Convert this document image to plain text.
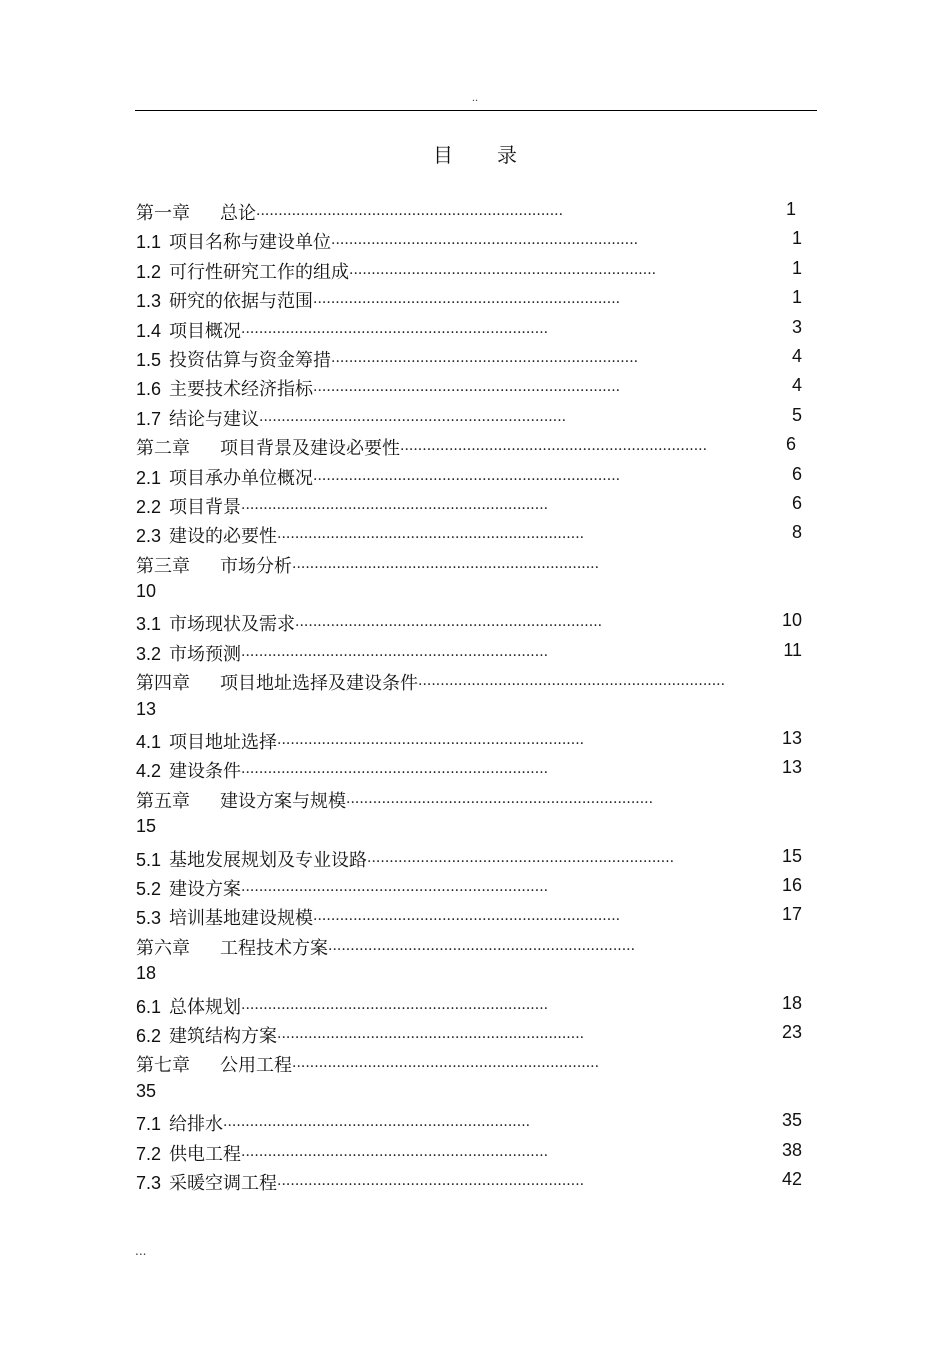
..
目 录
第一章 总论 ·····································································	1
1.1 项目名称与建设单位 ·····································································	1
1.2 可行性研究工作的组成 ·····································································	1
1.3 研究的依据与范围 ·····································································	1
1.4 项目概况 ·····································································	3
1.5 投资估算与资金筹措 ·····································································	4
1.6 主要技术经济指标 ·····································································	4
1.7 结论与建议 ·····································································	5
第二章 项目背景及建设必要性 ·····································································	6
2.1 项目承办单位概况 ·····································································	6
2.2 项目背景 ·····································································	6
2.3 建设的必要性 ·····································································	8
第三章 市场分析 ·····································································
10
3.1 市场现状及需求 ·····································································	10
3.2 市场预测 ·····································································	11
第四章 项目地址选择及建设条件 ·····································································
13
4.1 项目地址选择 ·····································································	13
4.2 建设条件 ·····································································	13
第五章 建设方案与规模 ·····································································
15
5.1 基地发展规划及专业设路 ·····································································	15
5.2 建设方案 ·····································································	16
5.3 培训基地建设规模 ·····································································	17
第六章 工程技术方案 ·····································································
18
6.1 总体规划 ·····································································	18
6.2 建筑结构方案 ·····································································	23
第七章 公用工程 ·····································································
35
7.1 给排水 ·····································································	35
7.2 供电工程 ·····································································	38
7.3 采暖空调工程 ·····································································	42
...
